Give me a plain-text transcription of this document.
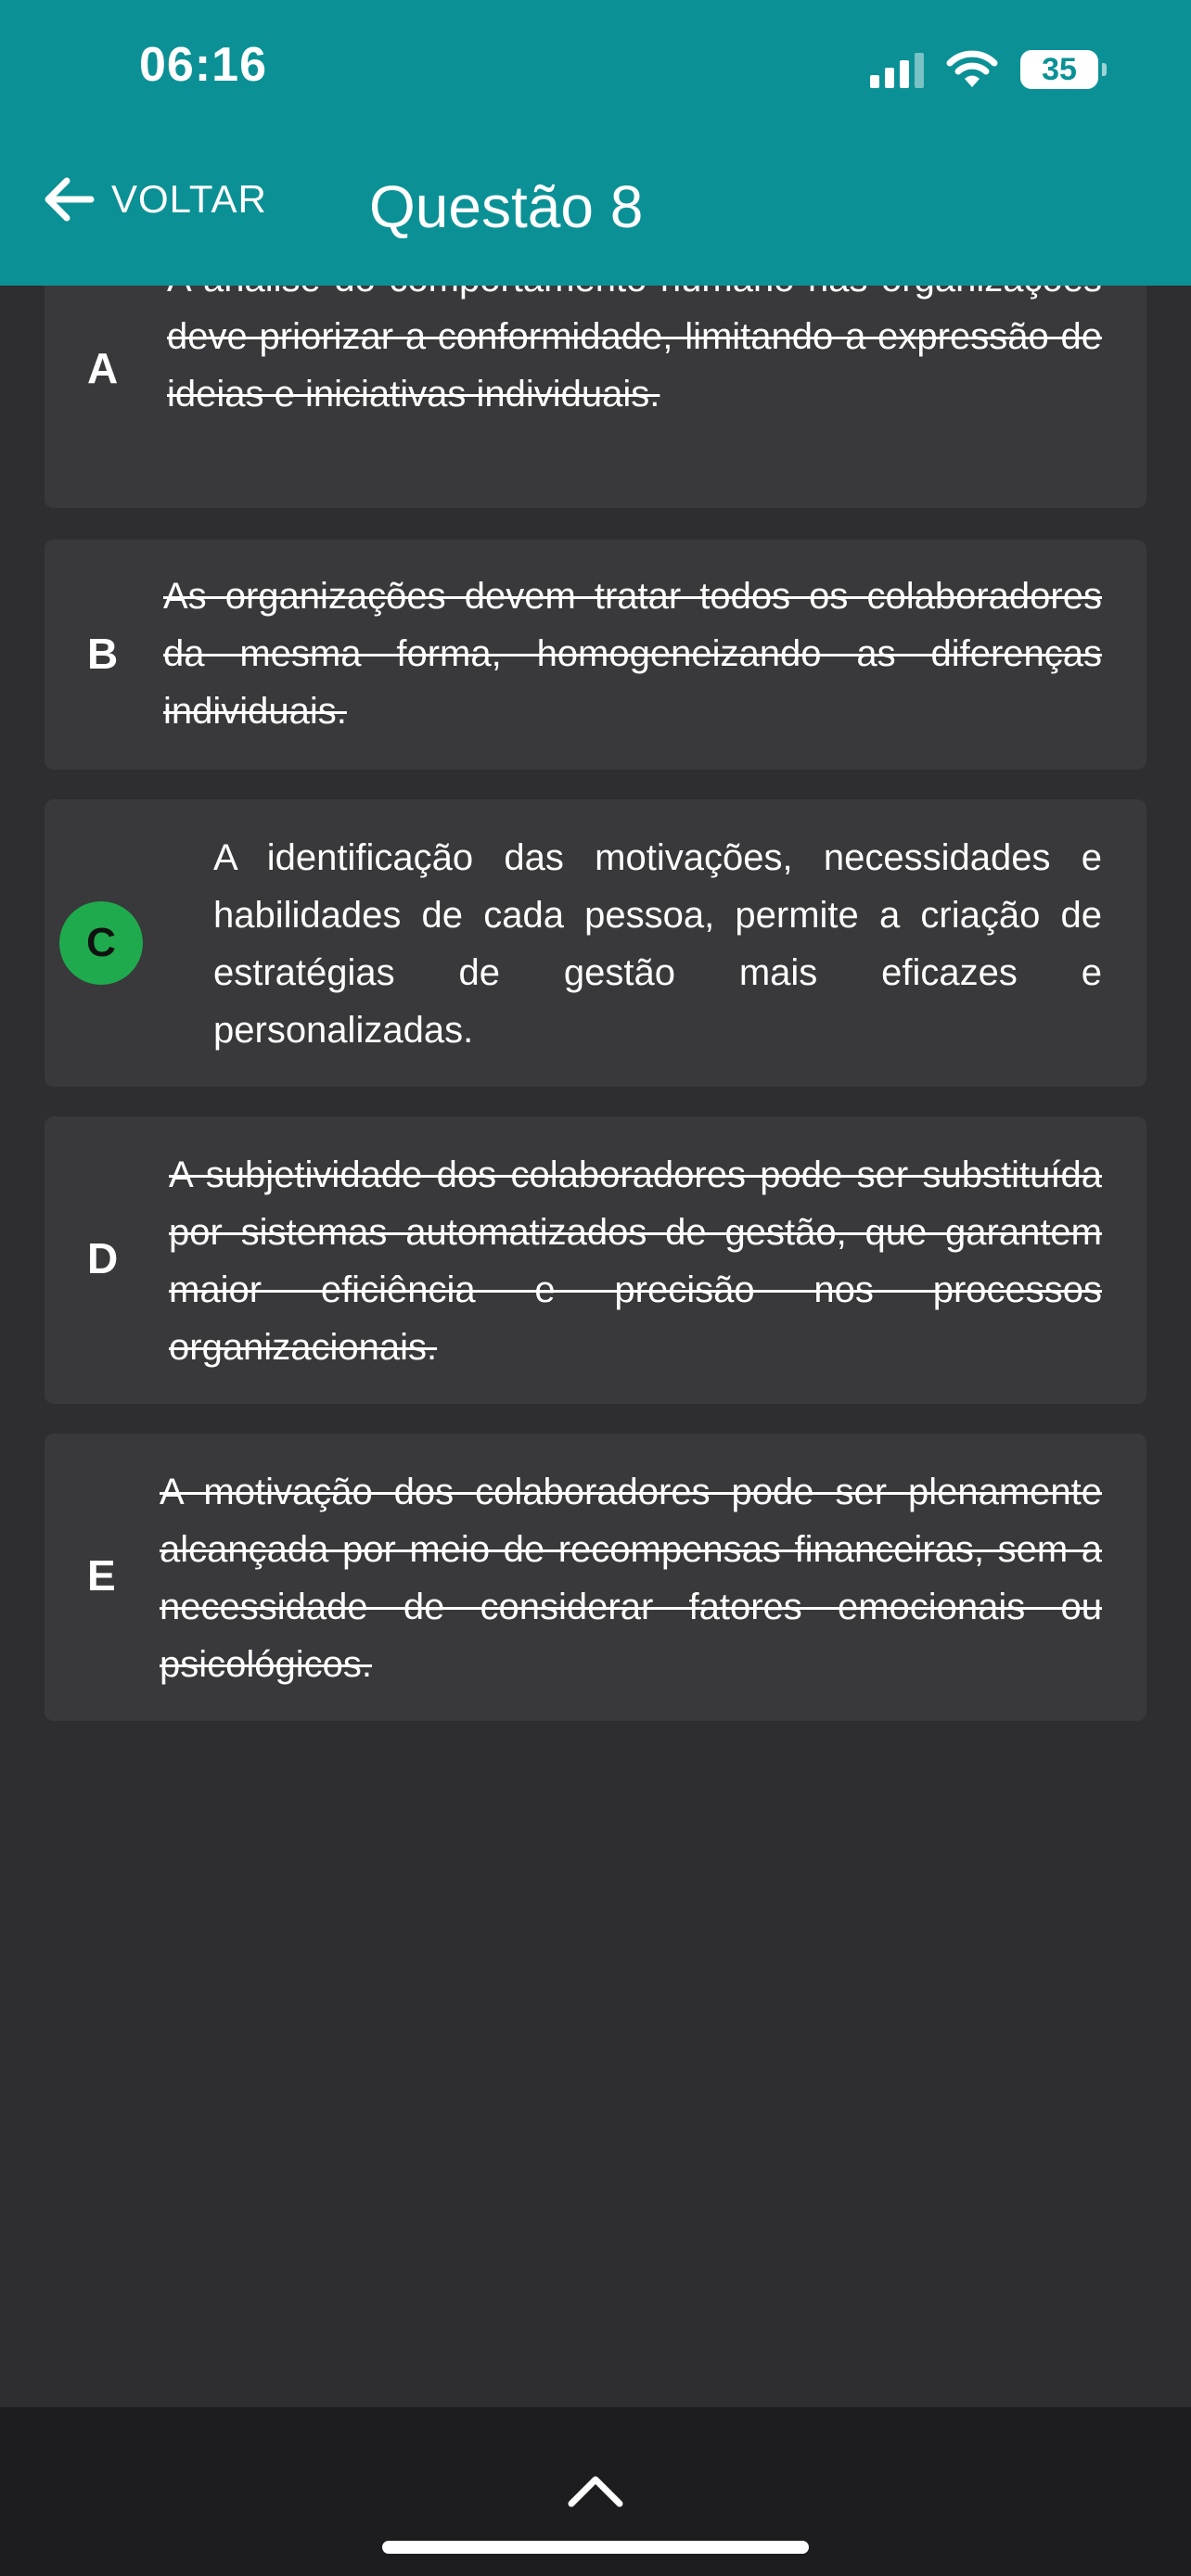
A

deve priorizar a conformidade, limitando a expressão de ideias e iniciativas individuais.

B

As organizações devem tratar todos os colaboradores da mesma forma, homogeneizando as diferenças individuais.

C

A identificação das motivações, necessidades e habilidades de cada pessoa, permite a criação de estratégias de gestão mais eficazes e personalizadas.

D

A subjetividade dos colaboradores pode ser substituída por sistemas automatizados de gestão, que garantem maior eficiência e precisão nos processos organizacionais.

E

A motivação dos colaboradores pode ser plenamente alcançada por meio de recompensas financeiras, sem a necessidade de considerar fatores emocionais ou psicológicos.

06:16	35
VOLTAR Questão 8
